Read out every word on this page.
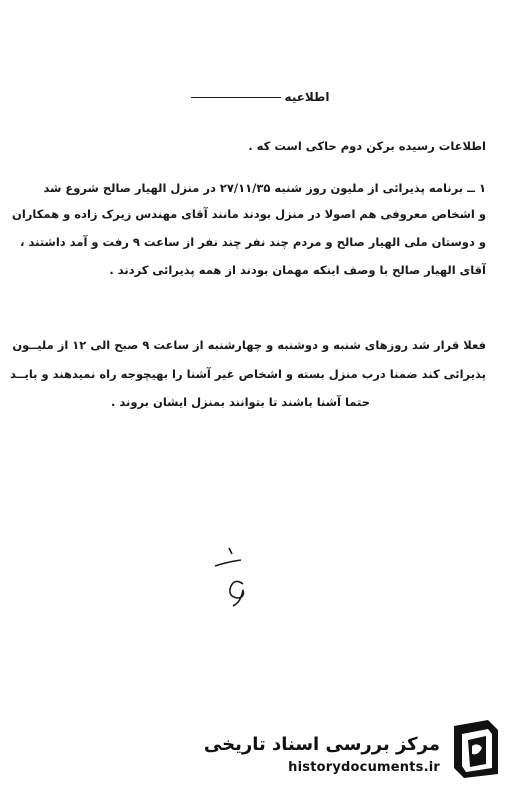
اطلاعیه
اطلاعات رسیده برکن دوم حاکی است که .
۱ ــ برنامه پذیرائی از ملیون روز شنبه ۲۷/۱۱/۳۵ در منزل الهیار صالح شروع شد
و اشخاص معروفی هم اصولا در منزل بودند مانند آقای مهندس زیرک زاده و همکاران
و دوستان ملی الهیار صالح و مردم چند نفر چند نفر از ساعت ۹ رفت و آمد داشتند ،
آقای الهیار صالح با وصف اینکه مهمان بودند از همه پذیرائی کردند .
فعلا قرار شد روزهای شنبه و دوشنبه و چهارشنبه از ساعت ۹ صبح الی ۱۲ از ملیــون
پذیرائی کند ضمنا درب منزل بسته و اشخاص غیر آشنا را بهیچوجه راه نمیدهند و بایــد
حتما آشنا باشند تا بتوانند بمنزل ایشان بروند .
مرکز بررسی اسناد تاریخی
historydocuments.ir
